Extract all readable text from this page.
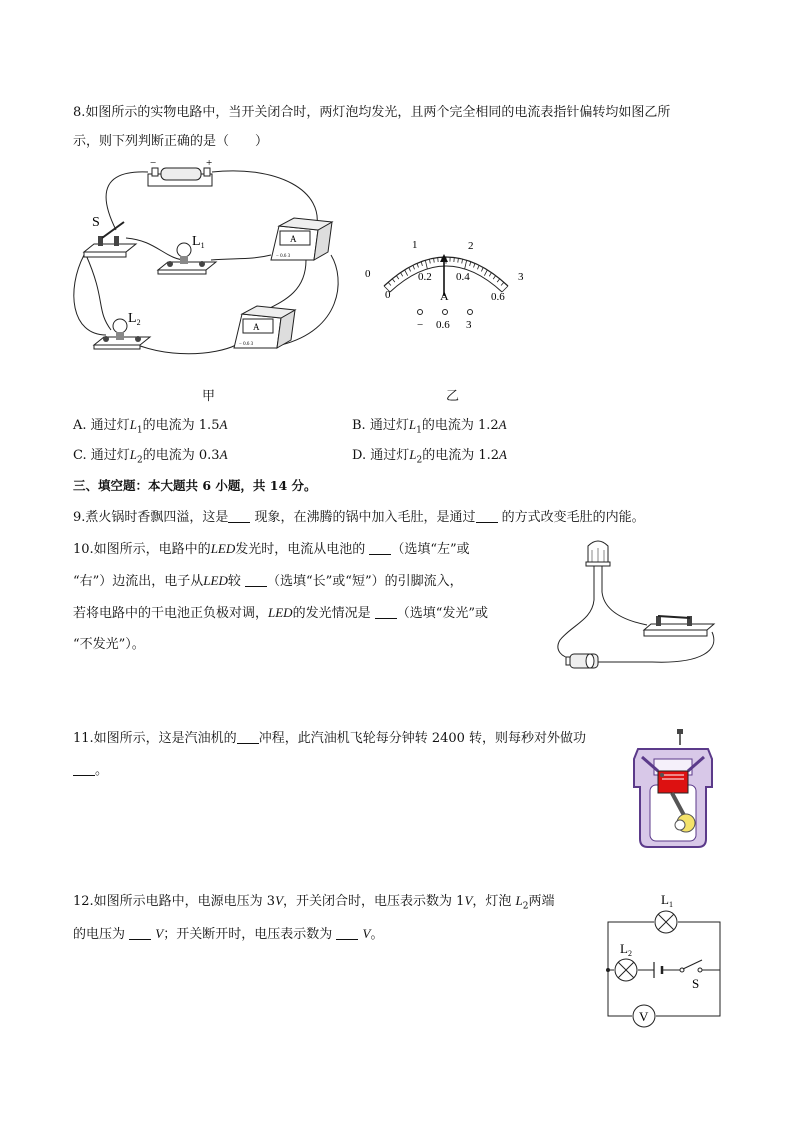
8.如图所示的实物电路中，当开关闭合时，两灯泡均发光，且两个完全相同的电流表指针偏转均如图乙所
示，则下列判断正确的是（　　）
−	+
S
$L_1$
A
− 0.6 3
$L_2$	A
− 0.6 3
0
1	2
3
0
0.2 0.4
0.6
A
− 0.6 3
甲	乙
A. 通过灯$L_1$的电流为 1.5A	B. 通过灯$L_1$的电流为 1.2A
C. 通过灯$L_2$的电流为 0.3A	D. 通过灯$L_2$的电流为 1.2A
三、填空题：本大题共 6 小题，共 14 分。
9.煮火锅时香飘四溢，这是 现象，在沸腾的锅中加入毛肚，是通过 的方式改变毛肚的内能。
10.如图所示，电路中的LED发光时，电流从电池的 （选填“左”或
“右”）边流出，电子从LED较 （选填“长”或“短”）的引脚流入，
若将电路中的干电池正负极对调，LED的发光情况是 （选填“发光”或
“不发光”）。
11.如图所示，这是汽油机的 冲程，此汽油机飞轮每分钟转 2400 转，则每秒对外做功
。
12.如图所示电路中，电源电压为 3V，开关闭合时，电压表示数为 1V，灯泡 $L_2$两端
的电压为  V；开关断开时，电压表示数为  V。
$L_1$
$L_2$
S
V
